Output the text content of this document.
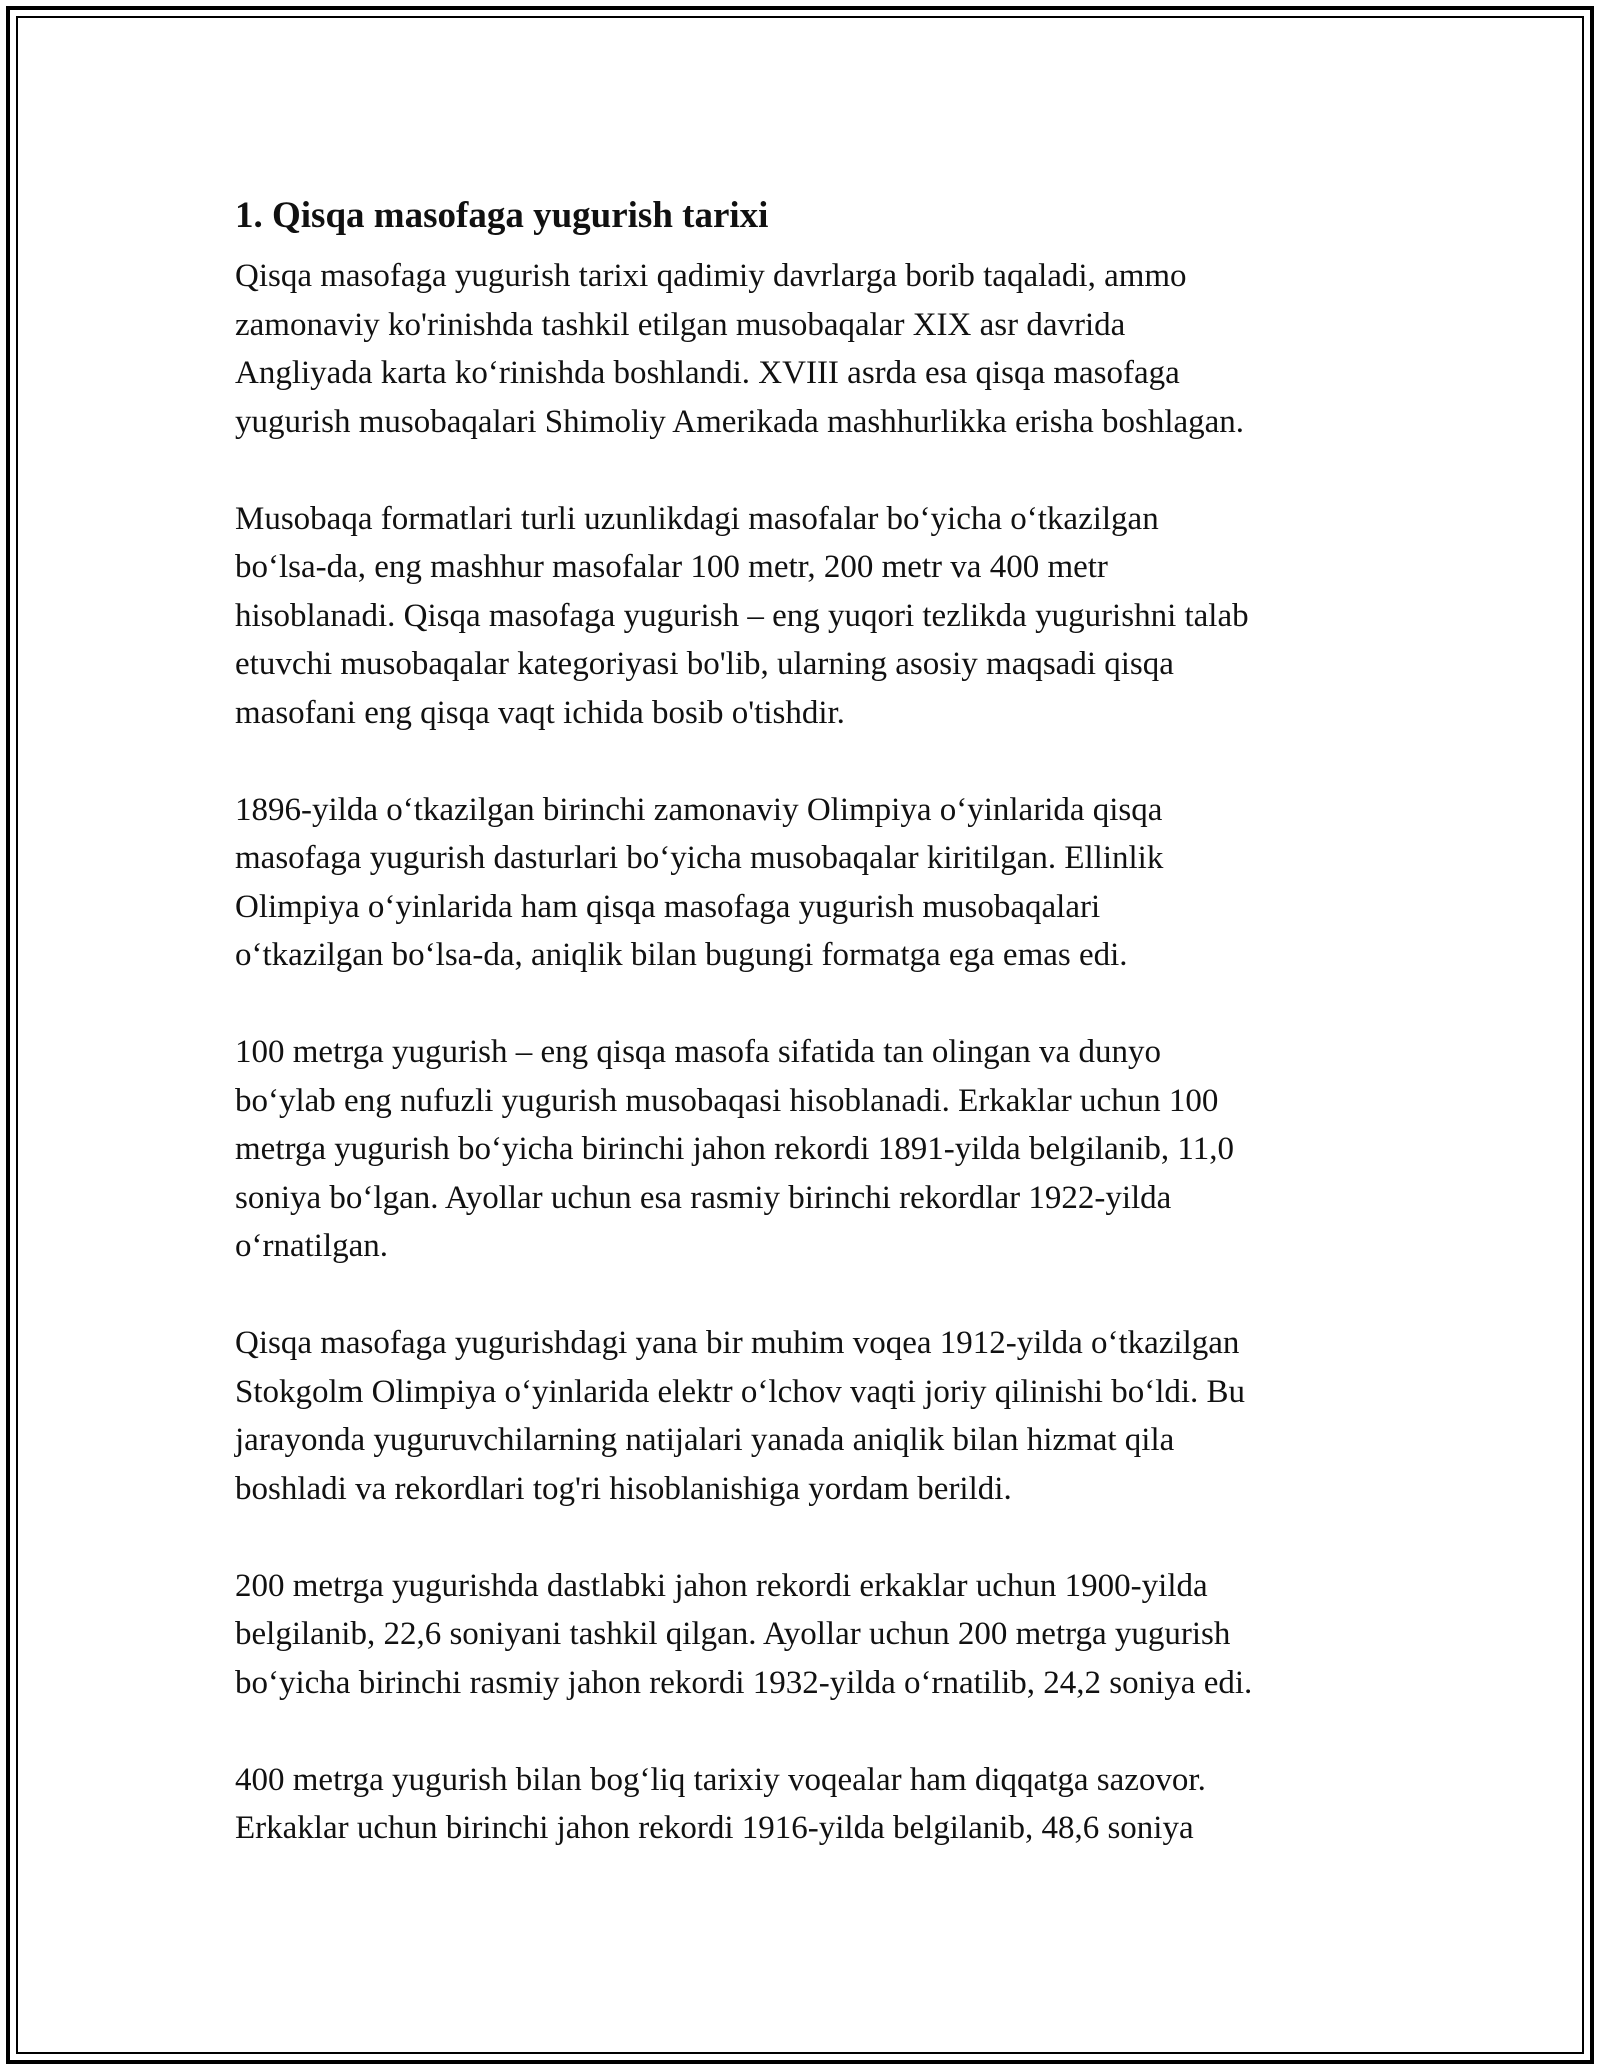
1. Qisqa masofaga yugurish tarixi
Qisqa masofaga yugurish tarixi qadimiy davrlarga borib taqaladi, ammo
zamonaviy ko'rinishda tashkil etilgan musobaqalar XIX asr davrida
Angliyada karta ko‘rinishda boshlandi. XVIII asrda esa qisqa masofaga
yugurish musobaqalari Shimoliy Amerikada mashhurlikka erisha boshlagan.
Musobaqa formatlari turli uzunlikdagi masofalar bo‘yicha o‘tkazilgan
bo‘lsa-da, eng mashhur masofalar 100 metr, 200 metr va 400 metr
hisoblanadi. Qisqa masofaga yugurish – eng yuqori tezlikda yugurishni talab
etuvchi musobaqalar kategoriyasi bo'lib, ularning asosiy maqsadi qisqa
masofani eng qisqa vaqt ichida bosib o'tishdir.
1896-yilda o‘tkazilgan birinchi zamonaviy Olimpiya o‘yinlarida qisqa
masofaga yugurish dasturlari bo‘yicha musobaqalar kiritilgan. Ellinlik
Olimpiya o‘yinlarida ham qisqa masofaga yugurish musobaqalari
o‘tkazilgan bo‘lsa-da, aniqlik bilan bugungi formatga ega emas edi.
100 metrga yugurish – eng qisqa masofa sifatida tan olingan va dunyo
bo‘ylab eng nufuzli yugurish musobaqasi hisoblanadi. Erkaklar uchun 100
metrga yugurish bo‘yicha birinchi jahon rekordi 1891-yilda belgilanib, 11,0
soniya bo‘lgan. Ayollar uchun esa rasmiy birinchi rekordlar 1922-yilda
o‘rnatilgan.
Qisqa masofaga yugurishdagi yana bir muhim voqea 1912-yilda o‘tkazilgan
Stokgolm Olimpiya o‘yinlarida elektr o‘lchov vaqti joriy qilinishi bo‘ldi. Bu
jarayonda yuguruvchilarning natijalari yanada aniqlik bilan hizmat qila
boshladi va rekordlari tog'ri hisoblanishiga yordam berildi.
200 metrga yugurishda dastlabki jahon rekordi erkaklar uchun 1900-yilda
belgilanib, 22,6 soniyani tashkil qilgan. Ayollar uchun 200 metrga yugurish
bo‘yicha birinchi rasmiy jahon rekordi 1932-yilda o‘rnatilib, 24,2 soniya edi.
400 metrga yugurish bilan bog‘liq tarixiy voqealar ham diqqatga sazovor.
Erkaklar uchun birinchi jahon rekordi 1916-yilda belgilanib, 48,6 soniya
